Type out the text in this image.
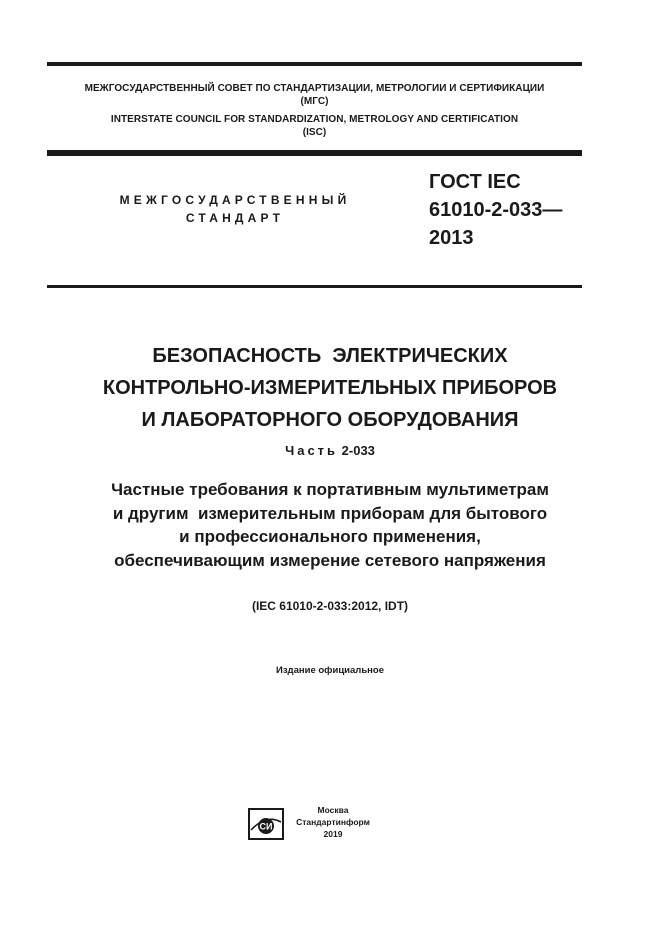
МЕЖГОСУДАРСТВЕННЫЙ СОВЕТ ПО СТАНДАРТИЗАЦИИ, МЕТРОЛОГИИ И СЕРТИФИКАЦИИ
(МГС)
INTERSTATE COUNCIL FOR STANDARDIZATION, METROLOGY AND CERTIFICATION
(ISC)
МЕЖГОСУДАРСТВЕННЫЙ
СТАНДАРТ
ГОСТ IEC
61010-2-033—
2013
БЕЗОПАСНОСТЬ  ЭЛЕКТРИЧЕСКИХ
КОНТРОЛЬНО-ИЗМЕРИТЕЛЬНЫХ ПРИБОРОВ
И ЛАБОРАТОРНОГО ОБОРУДОВАНИЯ
Часть 2-033
Частные требования к портативным мультиметрам
и другим  измерительным приборам для бытового
и профессионального применения,
обеспечивающим измерение сетевого напряжения
(IEC 61010-2-033:2012, IDT)
Издание официальное
СИ
Москва
Стандартинформ
2019
